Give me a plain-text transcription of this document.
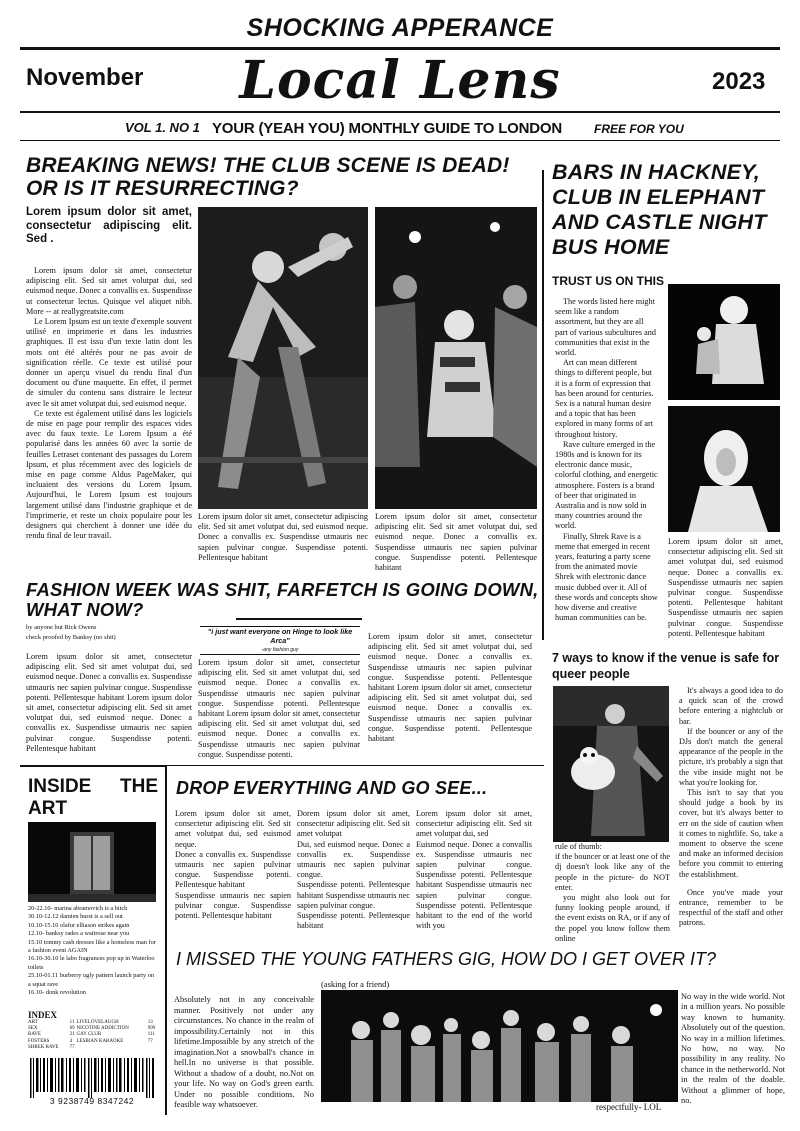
SHOCKING APPERANCE
November	Local Lens	2023
VOL 1. NO 1 YOUR (YEAH YOU) MONTHLY GUIDE TO LONDON	FREE FOR YOU
BREAKING NEWS! THE CLUB SCENE IS DEAD! OR IS IT RESURRECTING?
Lorem ipsum dolor sit amet, consectetur adipiscing elit. Sed .

Lorem ipsum dolor sit amet, consectetur adipiscing elit. Sed sit amet volutpat dui, sed euismod neque. Donec a convallis ex. Suspendisse ut consectetur lectus. Quisque vel aliquet nibh. More -- at reallygreatsite.com

Le Lorem Ipsum est un texte d'exemple souvent utilisé en imprimerie et dans les industries graphiques. Il est issu d'un texte latin dont les mots ont été altérés pour ne pas avoir de signification réelle. Ce texte est utilisé pour donner un aperçu visuel du rendu final d'un document ou d'une maquette. En effet, il permet de simuler du contenu sans distraire le lecteur avec le sit amet volutpat dui, sed euismod neque.

Ce texte est également utilisé dans les logiciels de mise en page pour remplir des espaces vides avec du faux texte. Le Lorem Ipsum a été popularisé dans les années 60 avec la sortie de feuilles Letraset contenant des passages du Lorem Ipsum, et plus récemment avec des logiciels de mise en page comme Aldus PageMaker, qui incluaient des versions du Lorem Ipsum. Aujourd'hui, le Lorem Ipsum est toujours largement utilisé dans l'industrie graphique et de l'imprimerie, et reste un choix populaire pour les designers qui cherchent à donner une idée du rendu final de leur travail.

Lorem ipsum dolor sit amet, consectetur adipiscing elit. Sed sit amet volutpat dui, sed euismod neque. Donec a convallis ex. Suspendisse utmauris nec sapien pulvinar congue. Suspendisse potenti. Pellentesque habitant
Lorem ipsum dolor sit amet, consectetur adipiscing elit. Sed sit amet volutpat dui, sed euismod neque. Donec a convallis ex. Suspendisse utmauris nec sapien pulvinar congue. Suspendisse potenti. Pellentesque habitant
BARS IN HACKNEY, CLUB IN ELEPHANT AND CASTLE NIGHT BUS HOME
TRUST US ON THIS

The words listed here might seem like a random assortment, but they are all part of various subcultures and communities that exist in the world.

Art can mean different things to different people, but it is a form of expression that has been around for centuries. Sex is a natural human desire and a topic that has been explored in many forms of art throughout history.

Rave culture emerged in the 1980s and is known for its electronic dance music, colorful clothing, and energetic atmosphere. Fosters is a brand of beer that originated in Australia and is now sold in many countries around the world.

Finally, Shrek Rave is a meme that emerged in recent years, featuring a party scene from the animated movie Shrek with electronic dance music dubbed over it. All of these words and concepts show how diverse and creative human communities can be.

Lorem ipsum dolor sit amet, consectetur adipiscing elit. Sed sit amet volutpat dui, sed euismod neque. Donec a convallis ex. Suspendisse utmauris nec sapien pulvinar congue. Suspendisse potenti. Pellentesque habitant Suspendisse utmauris nec sapien pulvinar congue. Suspendisse potenti. Pellentesque habitant
FASHION WEEK WAS SHIT, FARFETCH IS GOING DOWN, WHAT NOW?
by anyone but Rick Owens
check proofed by Banksy (no shit)
Lorem ipsum dolor sit amet, consectetur adipiscing elit. Sed sit amet volutpat dui, sed euismod neque. Donec a convallis ex. Suspendisse utmauris nec sapien pulvinar congue. Suspendisse potenti. Pellentesque habitant Lorem ipsum dolor sit amet, consectetur adipiscing elit. Sed sit amet volutpat dui, sed euismod neque. Donec a convallis ex. Suspendisse utmauris nec sapien pulvinar congue. Suspendisse potenti. Pellentesque habitant
"i just want everyone on Hinge to look like Arca"
-any fashion guy
Lorem ipsum dolor sit amet, consectetur adipiscing elit. Sed sit amet volutpat dui, sed euismod neque. Donec a convallis ex. Suspendisse utmauris nec sapien pulvinar congue. Suspendisse potenti. Pellentesque habitant Lorem ipsum dolor sit amet, consectetur adipiscing elit. Sed sit amet volutpat dui, sed euismod neque. Donec a convallis ex. Suspendisse utmauris nec sapien pulvinar congue. Suspendisse potenti.
Lorem ipsum dolor sit amet, consectetur adipiscing elit. Sed sit amet volutpat dui, sed euismod neque. Donec a convallis ex. Suspendisse utmauris nec sapien pulvinar congue. Suspendisse potenti. Pellentesque habitant Lorem ipsum dolor sit amet, consectetur adipiscing elit. Sed sit amet volutpat dui, sed euismod neque. Donec a convallis ex. Suspendisse utmauris nec sapien pulvinar congue. Suspendisse potenti. Pellentesque habitant
7 ways to know if the venue is safe for queer people

It's always a good idea to do a quick scan of the crowd before entering a nightclub or bar.

If the bouncer or any of the DJs don't match the general appearance of the people in the picture, it's probably a sign that the vibe inside might not be what you're looking for.

This isn't to say that you should judge a book by its cover, but it's always better to err on the side of caution when it comes to nightlife. So, take a moment to observe the scene and make an informed decision before you commit to entering the establishment.

Once you've made your entrance, remember to be respectful of the staff and other patrons.

rule of thumb:
if the bouncer or at least one of the dj doesn't look like any of the people in the picture- do NOT enter.

you might also look out for funny looking people around, if the event exists on RA, or if any of the popel you know follow them online

INSIDE THE ART
20-22.10- marina abramovich is a bitch
30.10-12.12 damien hurst is a sell out
10.10-15.10 olafur elliason strikes again
12.10- banksy rades a waitrose near you
15.10 tommy cash dresses like a homeless man for a fashion event AGAIN
16.10-30.10 le labo fragrances pop up in Waterloo toilets
25.10-01.11 burberry ugly pattern launch party on a squat rave
16.10- donk revolution
INDEX
ART	11	LIVELOVELAUGH	13
SEX	69	NICOTINE ADDICTION	999
RAVE	21	GAY CLUB	111
FOSTERS	4	LESBIAN KARAOKE	77
SHREK RAVE	77		
3 9238749 8347242
DROP EVERYTHING AND GO SEE...
Lorem ipsum dolor sit amet, consectetur adipiscing elit. Sed sit amet volutpat dui, sed euismod neque.
Donec a convallis ex. Suspendisse utmauris nec sapien pulvinar congue. Suspendisse potenti. Pellentesque habitant
Suspendisse utmauris nec sapien pulvinar congue. Suspendisse potenti. Pellentesque habitant
Dorem ipsum dolor sit amet, consectetur adipiscing elit. Sed sit amet volutpat
Dui, sed euismod neque. Donec a convallis ex. Suspendisse utmauris nec sapien pulvinar congue.
Suspendisse potenti. Pellentesque habitant Suspendisse utmauris nec sapien pulvinar congue.
Suspendisse potenti. Pellentesque habitant
Lorem ipsum dolor sit amet, consectetur adipiscing elit. Sed sit amet volutpat dui, sed
Euismod neque. Donec a convallis ex. Suspendisse utmauris nec sapien pulvinar congue. Suspendisse potenti. Pellentesque habitant Suspendisse utmauris nec sapien pulvinar congue. Suspendisse potenti. Pellentesque habitant to the end of the world with you
I MISSED THE YOUNG FATHERS GIG, HOW DO I GET OVER IT?
(asking for a friend)
Absolutely not in any conceivable manner. Positively not under any circumstances. No chance in the realm of impossibility.Certainly not in this lifetime.Impossible by any stretch of the imagination.Not a snowball's chance in hell.In no universe is that possible. Without a shadow of a doubt, no.Not on your life. No way on God's green earth. Under no possible conditions. No feasible way whatsoever.	respectfully- LOL
No way in the wide world. Not in a million years. No possible way known to humanity. Absolutely out of the question. No way in a million lifetimes. No how, no way. No possibility in any reality. No chance in the netherworld. Not in the realm of the doable. Without a glimmer of hope, no.
